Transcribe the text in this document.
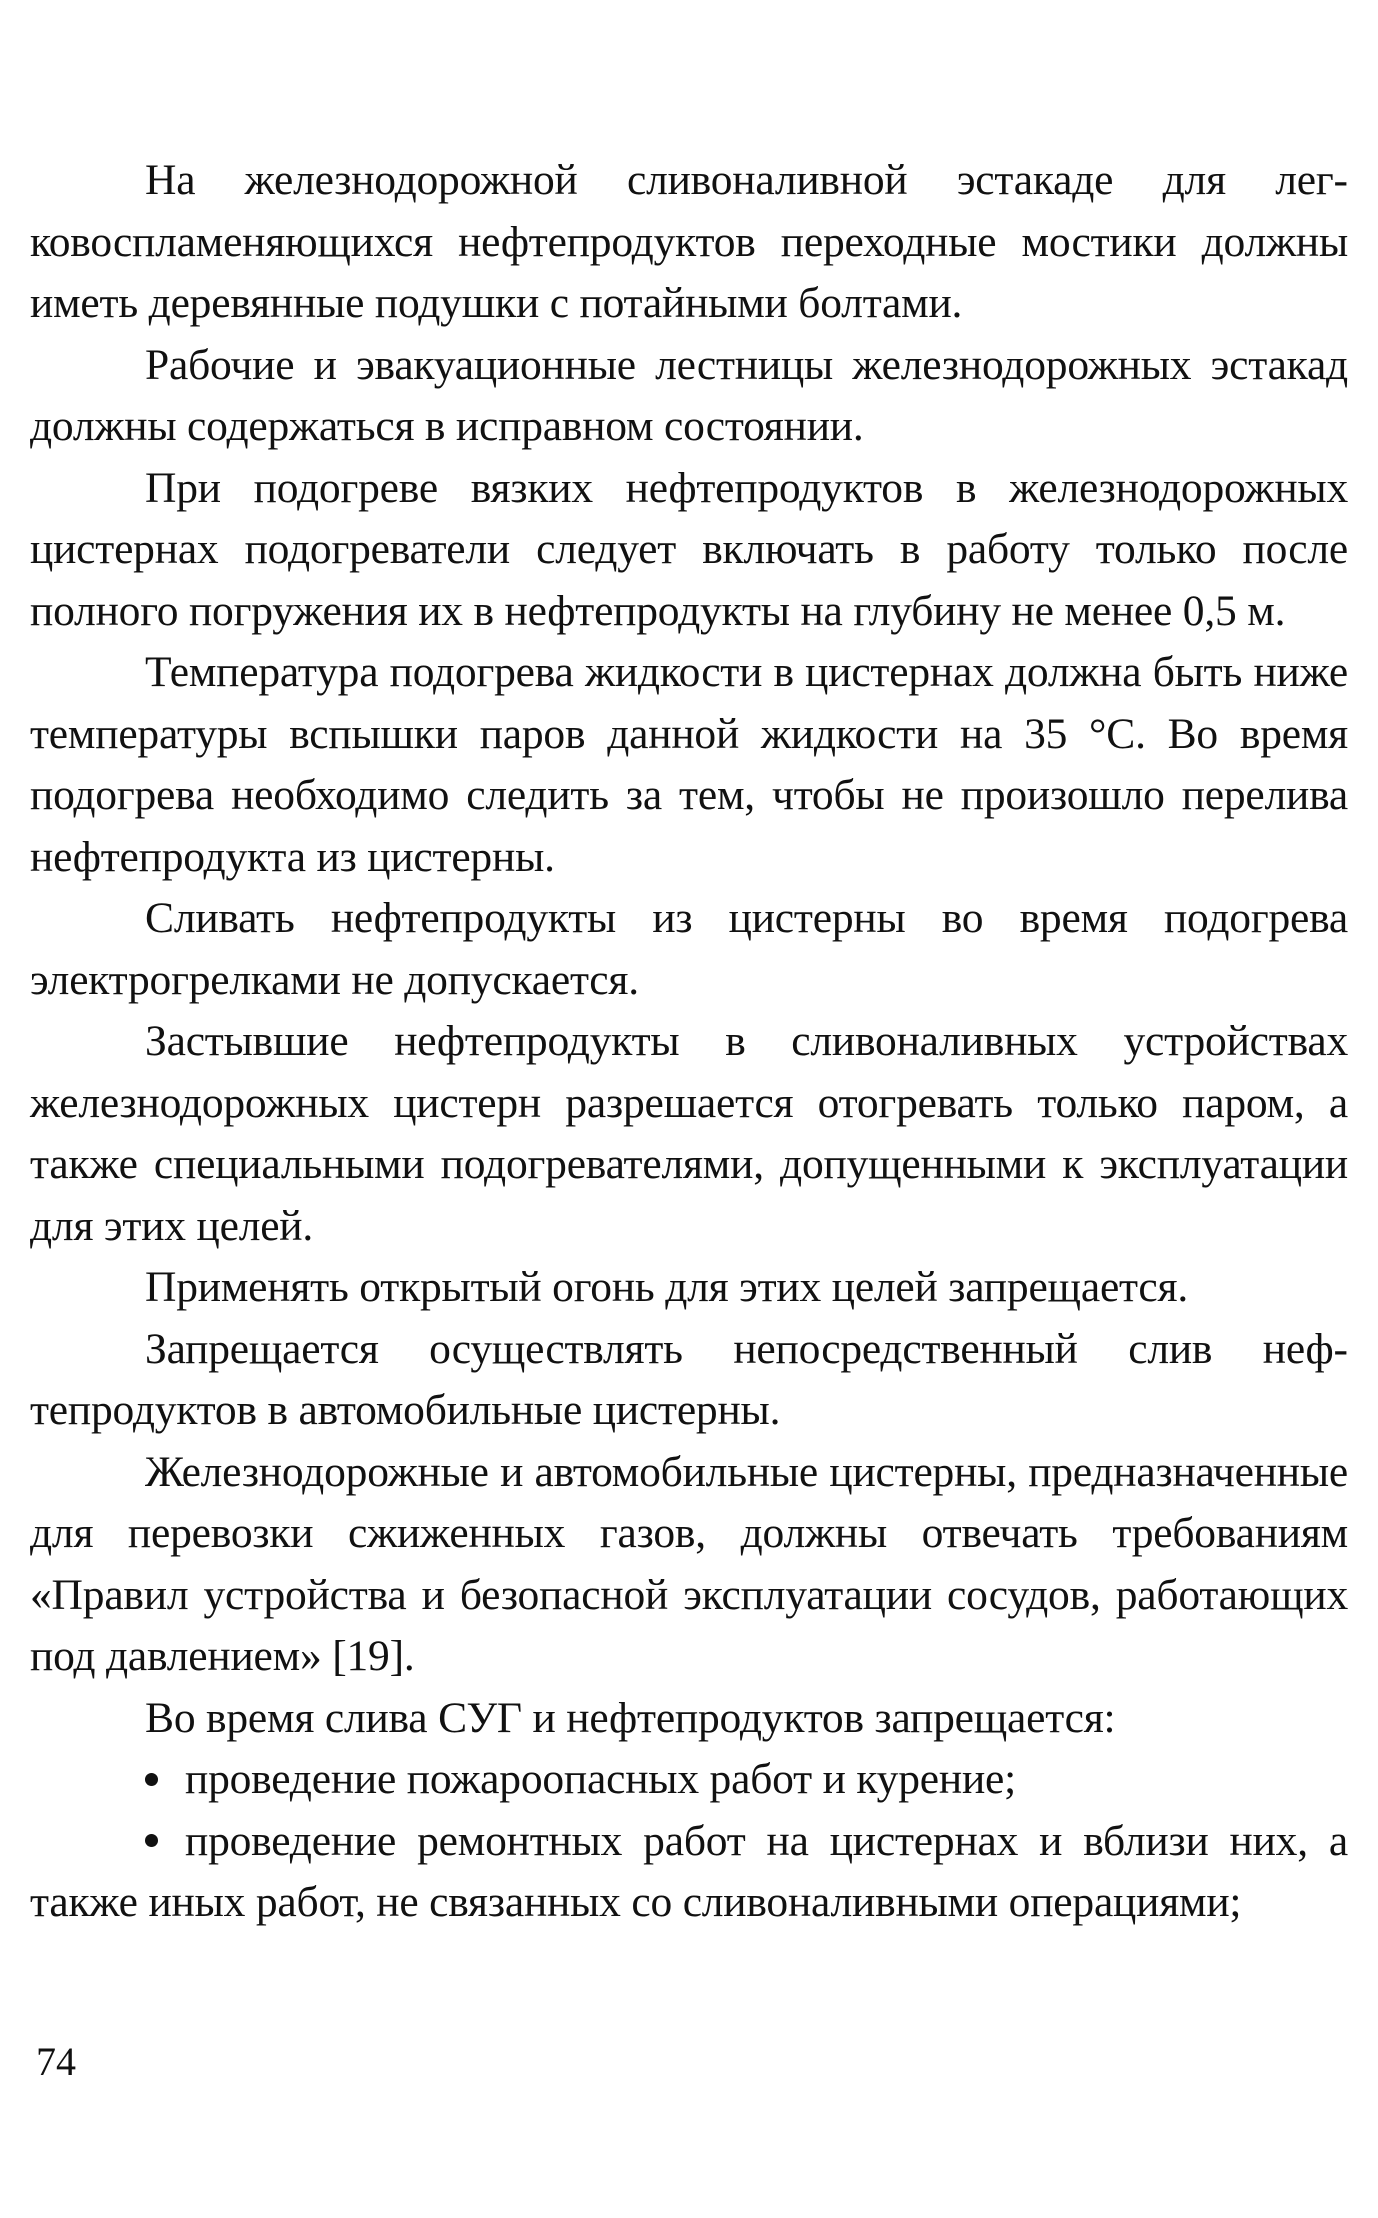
На железнодорожной сливоналивной эстакаде для легковоспламеняющихся нефтепродуктов переходные мостики должны иметь деревянные подушки с потайными болтами.

Рабочие и эвакуационные лестницы железнодорожных эстакад должны содержаться в исправном состоянии.

При подогреве вязких нефтепродуктов в железнодорожных цистернах подогреватели следует включать в работу только после полного погружения их в нефтепродукты на глубину не менее 0,5 м.

Температура подогрева жидкости в цистернах должна быть ниже температуры вспышки паров данной жидкости на 35 °С. Во время подогрева необходимо следить за тем, чтобы не произошло перелива нефтепродукта из цистерны.

Сливать нефтепродукты из цистерны во время подогрева электрогрелками не допускается.

Застывшие нефтепродукты в сливоналивных устройствах железнодорожных цистерн разрешается отогревать только паром, а также специальными подогревателями, допущенными к эксплуатации для этих целей.

Применять открытый огонь для этих целей запрещается.

Запрещается осуществлять непосредственный слив нефтепродуктов в автомобильные цистерны.

Железнодорожные и автомобильные цистерны, предназначенные для перевозки сжиженных газов, должны отвечать требованиям «Правил устройства и безопасной эксплуатации сосудов, работающих под давлением» [19].

Во время слива СУГ и нефтепродуктов запрещается:

проведение пожароопасных работ и курение;

проведение ремонтных работ на цистернах и вблизи них, а также иных работ, не связанных со сливоналивными операциями;

74
